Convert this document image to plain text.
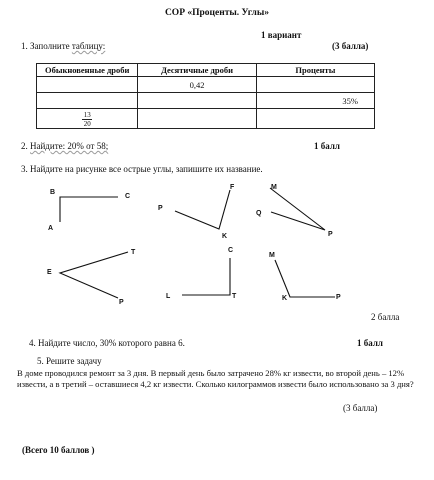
СОР «Проценты. Углы»
1 вариант
1. Заполните таблицу:	(3 балла)
Обыкновенные дроби	Десятичные дроби	Проценты
	0,42	
		35%

$\frac{13}{20}$

2. Найдите: 20% от 58;	1 балл
3. Найдите на рисунке все острые углы, запишите их название.
B
C
A
F
P
K
M
Q
P
E
T
P
C
L	T
M
K	P
2 балла
4. Найдите число, 30% которого равна 6.	1 балл
5. Решите задачу
В доме проводился ремонт за 3 дня. В первый день было затрачено 28% кг извести, во второй день – 12% извести, а в третий – оставшиеся 4,2 кг извести. Сколько килограммов извести было использовано за 3 дня?
(3 балла)
(Всего 10 баллов )
